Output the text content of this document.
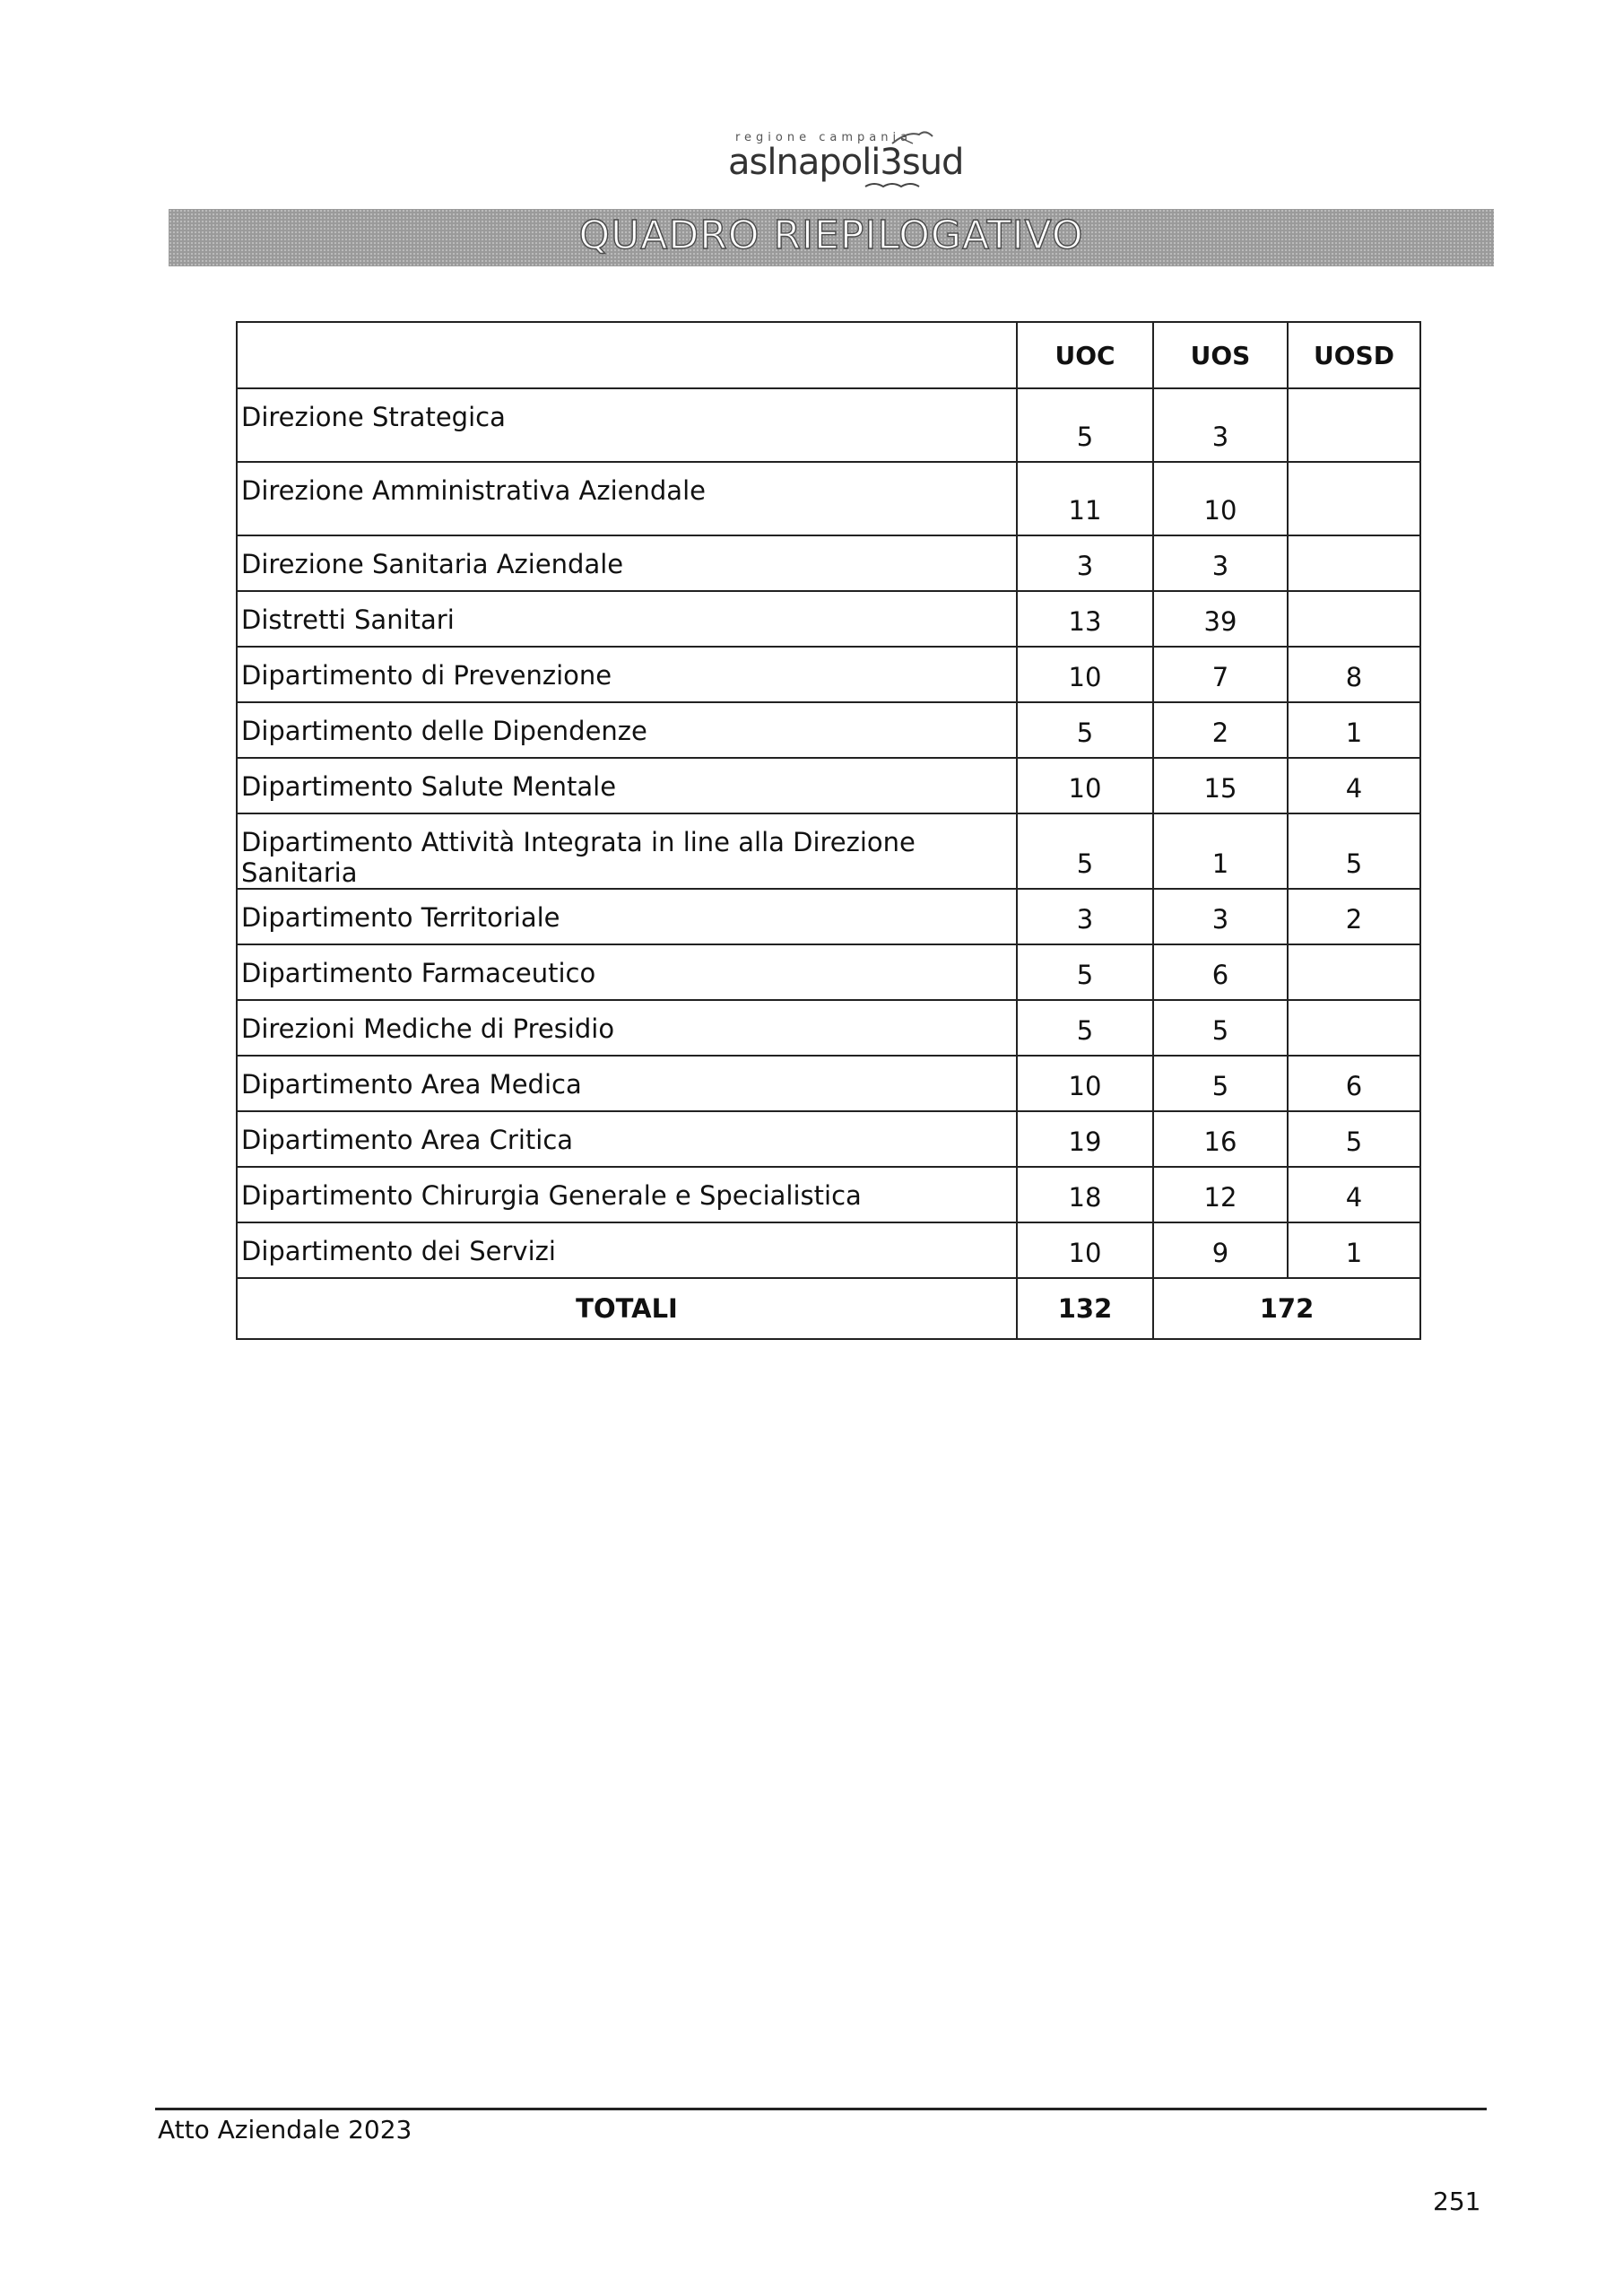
regione campania
aslnapoli3sud
QUADRO RIEPILOGATIVO
	UOC	UOS	UOSD
Direzione Strategica	5	3	
Direzione Amministrativa Aziendale	11	10	
Direzione Sanitaria Aziendale	3	3	
Distretti Sanitari	13	39	
Dipartimento di Prevenzione	10	7	8
Dipartimento delle Dipendenze	5	2	1
Dipartimento Salute Mentale	10	15	4
Dipartimento Attività Integrata in line alla Direzione Sanitaria	5	1	5
Dipartimento Territoriale	3	3	2
Dipartimento Farmaceutico	5	6	
Direzioni Mediche di Presidio	5	5	
Dipartimento Area Medica	10	5	6
Dipartimento Area Critica	19	16	5
Dipartimento Chirurgia Generale e Specialistica	18	12	4
Dipartimento dei Servizi	10	9	1
TOTALI	132	172	
Atto Aziendale 2023
251
